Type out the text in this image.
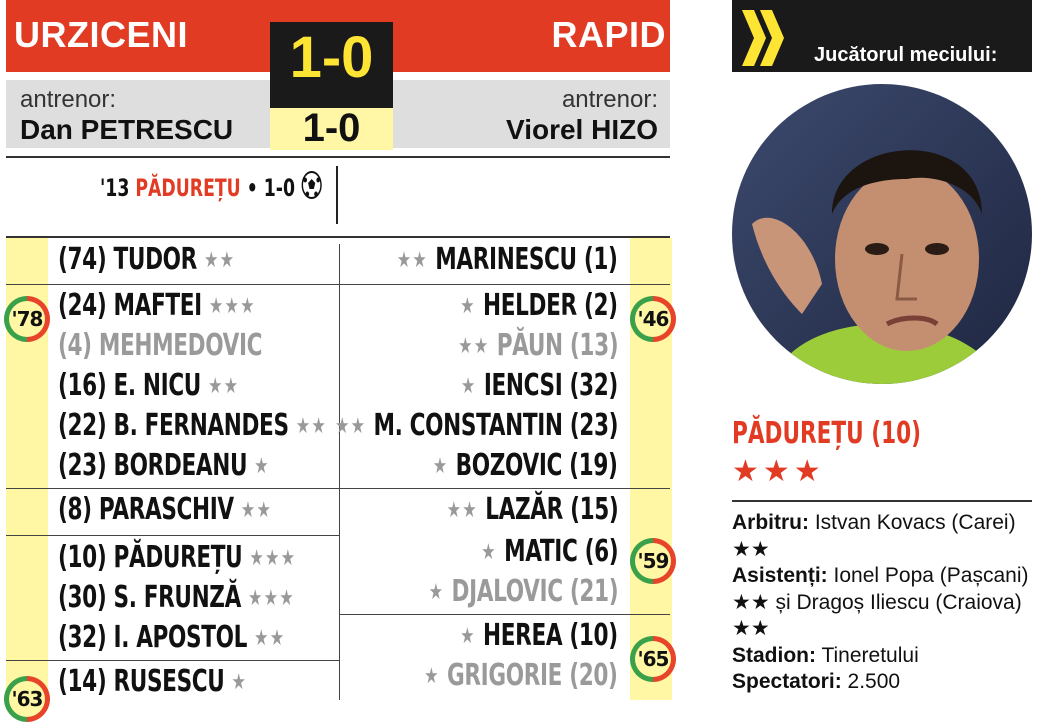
URZICENI	RAPID
1-0
1-0
antrenor:
Dan PETRESCU
antrenor:
Viorel HIZO
'13 PĂDUREȚU • 1-0
(74) TUDOR ★★
(24) MAFTEI ★★★
(4) MEHMEDOVIC
(16) E. NICU ★★
(22) B. FERNANDES ★★
(23) BORDEANU ★
(8) PARASCHIV ★★
(10) PĂDUREȚU ★★★
(30) S. FRUNZĂ ★★★
(32) I. APOSTOL ★★
(14) RUSESCU ★
★★ MARINESCU (1)
★ HELDER (2)
★★ PĂUN (13)
★ IENCSI (32)
★★ M. CONSTANTIN (23)
★ BOZOVIC (19)
★★ LAZĂR (15)
★ MATIC (6)
★ DJALOVIC (21)
★ HEREA (10)
★ GRIGORIE (20)
'78
'63
'46
'59
'65
Jucătorul meciului:
PĂDUREȚU (10)
★★★
Arbitru: Istvan Kovacs (Carei) ★★
Asistenți: Ionel Popa (Pașcani) ★★ și Dragoș Iliescu (Craiova) ★★
Stadion: Tineretului
Spectatori: 2.500
